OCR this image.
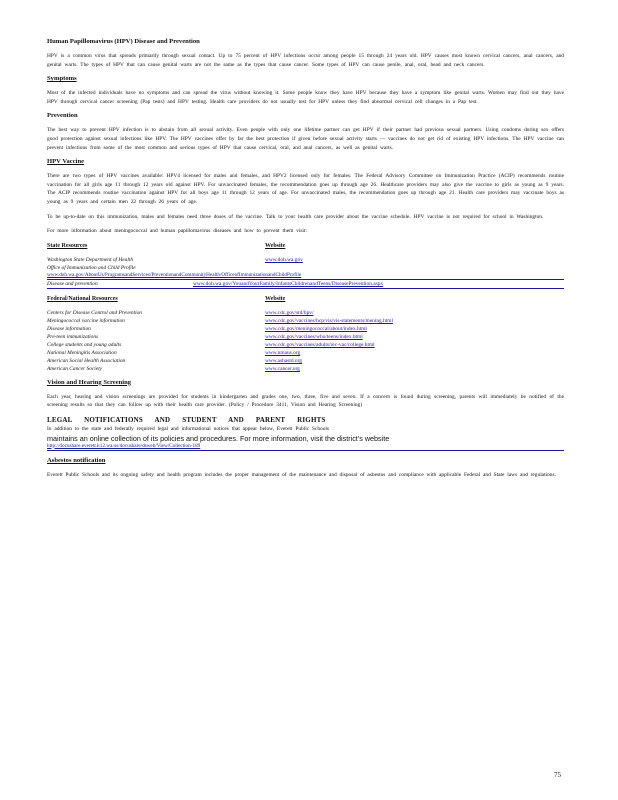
Human Papillomavirus (HPV) Disease and Prevention

HPV is a common virus that spreads primarily through sexual contact. Up to 75 percent of HPV infections occur among people 15 through 24 years old. HPV causes most known cervical cancers, anal cancers, and genital warts. The types of HPV that can cause genital warts are not the same as the types that cause cancer. Some types of HPV can cause penile, anal, oral, head and neck cancers.

Symptoms

Most of the infected individuals have no symptoms and can spread the virus without knowing it. Some people know they have HPV because they have a symptom like genital warts. Women may find out they have HPV through cervical cancer screening (Pap tests) and HPV testing. Health care providers do not usually test for HPV unless they find abnormal cervical cell changes in a Pap test.

Prevention

The best way to prevent HPV infection is to abstain from all sexual activity. Even people with only one lifetime partner can get HPV if their partner had previous sexual partners. Using condoms during sex offers good protection against sexual infections like HPV. The HPV vaccines offer by far the best protection if given before sexual activity starts — vaccines do not get rid of existing HPV infections. The HPV vaccine can prevent infections from some of the most common and serious types of HPV that cause cervical, oral, and anal cancers, as well as genital warts.

HPV Vaccine

There are two types of HPV vaccines available: HPV4 licensed for males and females, and HPV2 licensed only for females. The Federal Advisory Committee on Immunization Practice (ACIP) recommends routine vaccination for all girls age 11 through 12 years old against HPV. For unvaccinated females, the recommendation goes up through age 26. Healthcare providers may also give the vaccine to girls as young as 9 years. The ACIP recommends routine vaccination against HPV for all boys age 11 through 12 years of age. For unvaccinated males, the recommendation goes up through age 21. Health care providers may vaccinate boys as young as 9 years and certain men 22 through 26 years of age.

To be up-to-date on this immunization, males and females need three doses of the vaccine. Talk to your health care provider about the vaccine schedule. HPV vaccine is not required for school in Washington.

For more information about meningococcal and human papillomavirus diseases and how to prevent them visit:

State Resources	Website
Washington State Department of Health	www.doh.wa.gov
Office of Immunization and Child Profile
www.doh.wa.gov/AboutUs/ProgramsandServices/PreventionandCommunityHealth/OfficeofImmunizationandChildProfile
Disease and prevention	www.doh.wa.gov/YouandYourFamily/InfantsChildrenandTeens/DiseasePrevention.aspx
Federal/National Resources	Website
Centers for Disease Control and Prevention	www.cdc.gov/std/hpv/
Meningococcal vaccine information	www.cdc.gov/vaccines/hcp/vis/vis-statements/mening.html
Disease information	www.cdc.gov/meningococcal/about/index.html
Pre-teen immunizations	www.cdc.gov/vaccines/who/teens/index.html
College students and young adults	www.cdc.gov/vaccines/adults/rec-vac/college.html
National Meningitis Association	www.nmaus.org
American Social Health Association	www.ashastd.org
American Cancer Society	www.cancer.org

Vision and Hearing Screening

Each year, hearing and vision screenings are provided for students in kindergarten and grades one, two, three, five and seven. If a concern is found during screening, parents will immediately be notified of the screening results so that they can follow up with their health care provider. (Policy / Procedure 3411, Vision and Hearing Screening)

LEGAL NOTIFICATIONS AND STUDENT AND PARENT RIGHTS

In addition to the state and federally required legal and informational notices that appear below, Everett Public Schools

maintains an online collection of its policies and procedures. For more information, visit the district’s website

http://docushare.everett.k12.wa.us/docushare/dsweb/View/Collection-189

Asbestos notification

Everett Public Schools and its ongoing safety and health program includes the proper management of the maintenance and disposal of asbestos and compliance with applicable Federal and State laws and regulations.

75
